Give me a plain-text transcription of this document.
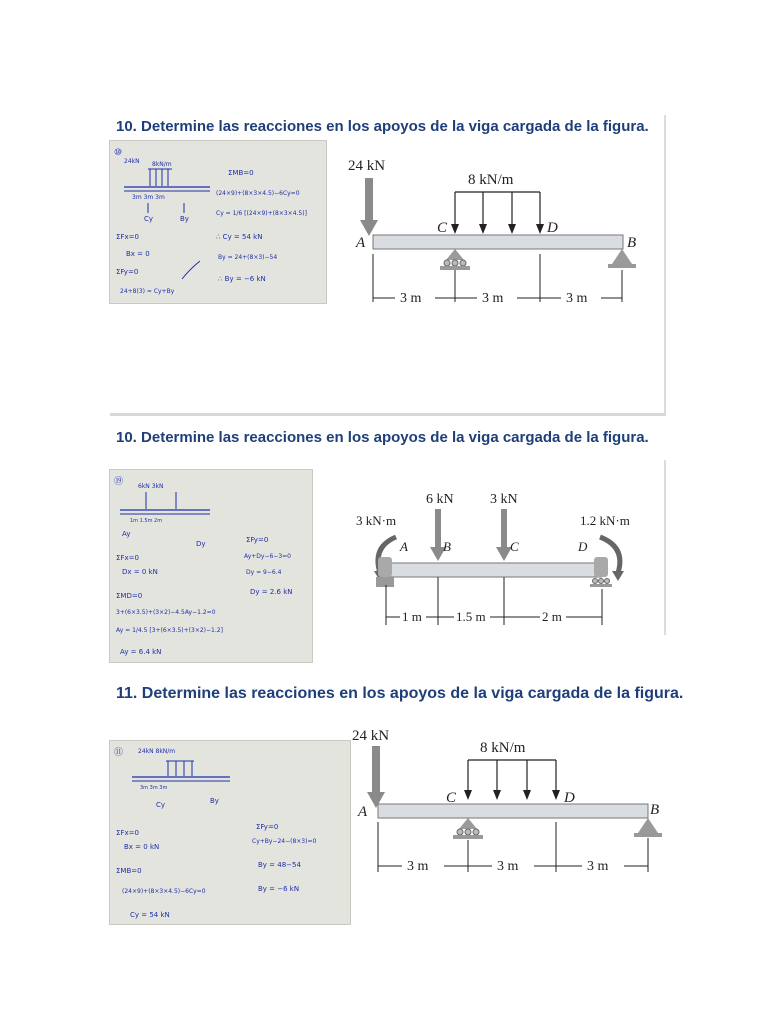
10. Determine las reacciones en los apoyos de la viga cargada de la figura.
⑩
24kN 8kN/m
3m 3m 3m
Cy	By
ΣMB=0
(24×9)+(8×3×4.5)−6Cy=0
Cy = 1/6 [(24×9)+(8×3×4.5)]
∴ Cy = 54 kN
ΣFx=0
Bx = 0
ΣFy=0
By = 24+(8×3)−54
24+8(3) = Cy+By
∴ By = −6 kN
24 kN
8 kN/m
A
C	D
B
3 m	3 m	3 m
10. Determine las reacciones en los apoyos de la viga cargada de la figura.
⑲ 6kN 3kN
1m 1.5m 2m
Ay
Dy	ΣFy=0
Ay+Dy−6−3=0
ΣFx=0
Dx = 0 kN	Dy = 9−6.4
Dy = 2.6 kN
ΣMD=0
3+(6×3.5)+(3×2)−4.5Ay−1.2=0
Ay = 1/4.5 [3+(6×3.5)+(3×2)−1.2]
Ay = 6.4 kN
6 kN	3 kN
3 kN·m	1.2 kN·m
A	B	C	D
1 m	1.5 m	2 m
11. Determine las reacciones en los apoyos de la viga cargada de la figura.
⑪ 24kN 8kN/m
3m 3m 3m
Cy	By
ΣFx=0
Bx = 0 kN
ΣMB=0
(24×9)+(8×3×4.5)−6Cy=0
Cy = 54 kN
ΣFy=0
Cy+By−24−(8×3)=0
By = 48−54
By = −6 kN
24 kN
8 kN/m
A
C	D
B
3 m	3 m	3 m
